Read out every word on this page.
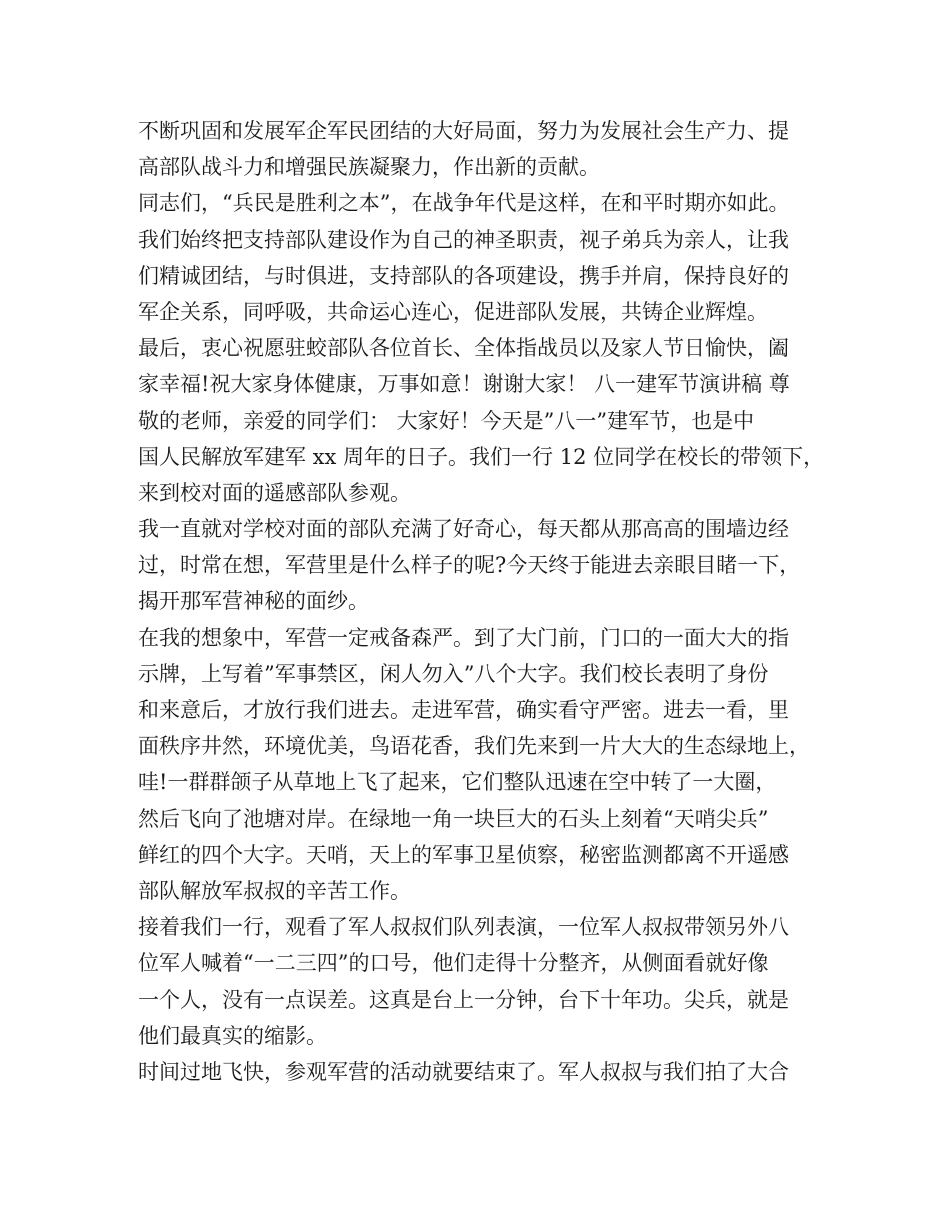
不断巩固和发展军企军民团结的大好局面，努力为发展社会生产力、提
高部队战斗力和增强民族凝聚力，作出新的贡献。
同志们，“兵民是胜利之本”，在战争年代是这样，在和平时期亦如此。
我们始终把支持部队建设作为自己的神圣职责，视子弟兵为亲人，让我
们精诚团结，与时俱进，支持部队的各项建设，携手并肩，保持良好的
军企关系，同呼吸，共命运心连心，促进部队发展，共铸企业辉煌。
最后，衷心祝愿驻蛟部队各位首长、全体指战员以及家人节日愉快，阖
家幸福!祝大家身体健康，万事如意！谢谢大家！ 八一建军节演讲稿 尊
敬的老师，亲爱的同学们： 大家好！今天是”八一”建军节，也是中
国人民解放军建军 xx 周年的日子。我们一行 12 位同学在校长的带领下，
来到校对面的遥感部队参观。
我一直就对学校对面的部队充满了好奇心，每天都从那高高的围墙边经
过，时常在想，军营里是什么样子的呢?今天终于能进去亲眼目睹一下，
揭开那军营神秘的面纱。
在我的想象中，军营一定戒备森严。到了大门前，门口的一面大大的指
示牌，上写着”军事禁区，闲人勿入”八个大字。我们校长表明了身份
和来意后，才放行我们进去。走进军营，确实看守严密。进去一看，里
面秩序井然，环境优美，鸟语花香，我们先来到一片大大的生态绿地上，
哇!一群群颌子从草地上飞了起来，它们整队迅速在空中转了一大圈，
然后飞向了池塘对岸。在绿地一角一块巨大的石头上刻着“天哨尖兵”
鲜红的四个大字。天哨，天上的军事卫星侦察，秘密监测都离不开遥感
部队解放军叔叔的辛苦工作。
接着我们一行，观看了军人叔叔们队列表演，一位军人叔叔带领另外八
位军人喊着“一二三四”的口号，他们走得十分整齐，从侧面看就好像
一个人，没有一点误差。这真是台上一分钟，台下十年功。尖兵，就是
他们最真实的缩影。
时间过地飞快，参观军营的活动就要结束了。军人叔叔与我们拍了大合
